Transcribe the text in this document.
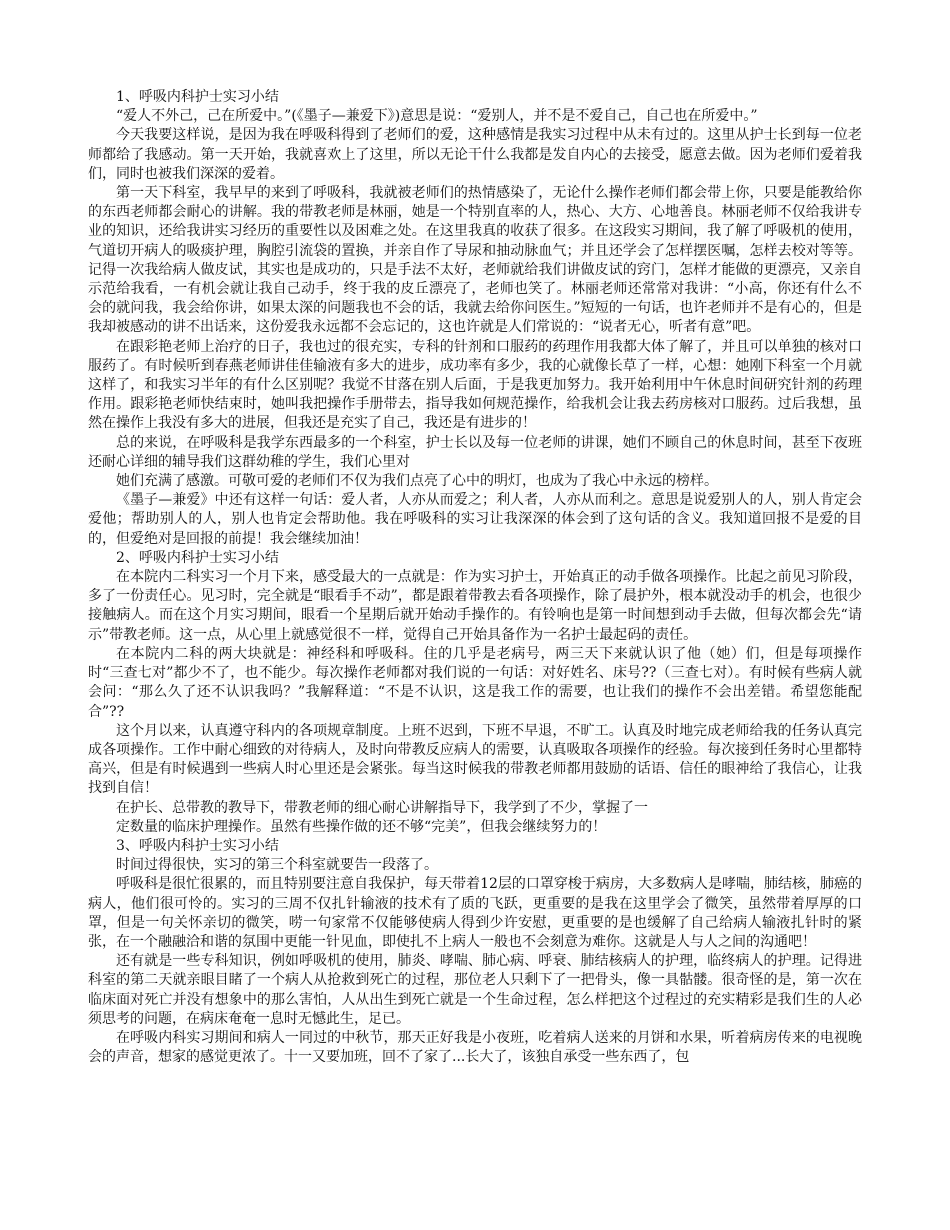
1、呼吸内科护士实习小结

“爱人不外己，己在所爱中。”(《墨子—兼爱下》)意思是说：“爱别人，并不是不爱自己，自己也在所爱中。”

今天我要这样说，是因为我在呼吸科得到了老师们的爱，这种感情是我实习过程中从未有过的。这里从护士长到每一位老师都给了我感动。第一天开始，我就喜欢上了这里，所以无论干什么我都是发自内心的去接受，愿意去做。因为老师们爱着我们，同时也被我们深深的爱着。

第一天下科室，我早早的来到了呼吸科，我就被老师们的热情感染了，无论什么操作老师们都会带上你，只要是能教给你的东西老师都会耐心的讲解。我的带教老师是林丽，她是一个特别直率的人，热心、大方、心地善良。林丽老师不仅给我讲专业的知识，还给我讲实习经历的重要性以及困难之处。在这里我真的收获了很多。在这段实习期间，我了解了呼吸机的使用，气道切开病人的吸痰护理，胸腔引流袋的置换，并亲自作了导尿和抽动脉血气；并且还学会了怎样摆医嘱，怎样去校对等等。记得一次我给病人做皮试，其实也是成功的，只是手法不太好，老师就给我们讲做皮试的窍门，怎样才能做的更漂亮，又亲自示范给我看，一有机会就让我自己动手，终于我的皮丘漂亮了，老师也笑了。林丽老师还常常对我讲：“小高，你还有什么不会的就问我，我会给你讲，如果太深的问题我也不会的话，我就去给你问医生。”短短的一句话，也许老师并不是有心的，但是我却被感动的讲不出话来，这份爱我永远都不会忘记的，这也许就是人们常说的：“说者无心，听者有意”吧。

在跟彩艳老师上治疗的日子，我也过的很充实，专科的针剂和口服药的药理作用我都大体了解了，并且可以单独的核对口服药了。有时候听到春燕老师讲佳佳输液有多大的进步，成功率有多少，我的心就像长草了一样，心想：她刚下科室一个月就这样了，和我实习半年的有什么区别呢？我觉不甘落在别人后面，于是我更加努力。我开始利用中午休息时间研究针剂的药理作用。跟彩艳老师快结束时，她叫我把操作手册带去，指导我如何规范操作，给我机会让我去药房核对口服药。过后我想，虽然在操作上我没有多大的进展，但我还是充实了自己，我还是有进步的！

总的来说，在呼吸科是我学东西最多的一个科室，护士长以及每一位老师的讲课，她们不顾自己的休息时间，甚至下夜班还耐心详细的辅导我们这群幼稚的学生，我们心里对

她们充满了感激。可敬可爱的老师们不仅为我们点亮了心中的明灯，也成为了我心中永远的榜样。

《墨子—兼爱》中还有这样一句话：爱人者，人亦从而爱之；利人者，人亦从而利之。意思是说爱别人的人，别人肯定会爱他；帮助别人的人，别人也肯定会帮助他。我在呼吸科的实习让我深深的体会到了这句话的含义。我知道回报不是爱的目的，但爱绝对是回报的前提！我会继续加油！

2、呼吸内科护士实习小结

在本院内二科实习一个月下来，感受最大的一点就是：作为实习护士，开始真正的动手做各项操作。比起之前见习阶段，多了一份责任心。见习时，完全就是“眼看手不动”，都是跟着带教去看各项操作，除了晨护外，根本就没动手的机会，也很少接触病人。而在这个月实习期间，眼看一个星期后就开始动手操作的。有铃响也是第一时间想到动手去做，但每次都会先“请示”带教老师。这一点，从心里上就感觉很不一样，觉得自己开始具备作为一名护士最起码的责任。

在本院内二科的两大块就是：神经科和呼吸科。住的几乎是老病号，两三天下来就认识了他（她）们，但是每项操作时“三查七对”都少不了，也不能少。每次操作老师都对我们说的一句话：对好姓名、床号??（三查七对）。有时候有些病人就会问：“那么久了还不认识我吗？”我解释道：“不是不认识，这是我工作的需要，也让我们的操作不会出差错。希望您能配合”??

这个月以来，认真遵守科内的各项规章制度。上班不迟到，下班不早退，不旷工。认真及时地完成老师给我的任务认真完成各项操作。工作中耐心细致的对待病人，及时向带教反应病人的需要，认真吸取各项操作的经验。每次接到任务时心里都特高兴，但是有时候遇到一些病人时心里还是会紧张。每当这时候我的带教老师都用鼓励的话语、信任的眼神给了我信心，让我找到自信！

在护长、总带教的教导下，带教老师的细心耐心讲解指导下，我学到了不少，掌握了一

定数量的临床护理操作。虽然有些操作做的还不够“完美”，但我会继续努力的！

3、呼吸内科护士实习小结

时间过得很快，实习的第三个科室就要告一段落了。

呼吸科是很忙很累的，而且特别要注意自我保护，每天带着12层的口罩穿梭于病房，大多数病人是哮喘，肺结核，肺癌的病人，他们很可怜的。实习的三周不仅扎针输液的技术有了质的飞跃，更重要的是我在这里学会了微笑，虽然带着厚厚的口罩，但是一句关怀亲切的微笑，唠一句家常不仅能够使病人得到少许安慰，更重要的是也缓解了自己给病人输液扎针时的紧张，在一个融融洽和谐的氛围中更能一针见血，即使扎不上病人一般也不会刻意为难你。这就是人与人之间的沟通吧！

还有就是一些专科知识，例如呼吸机的使用，肺炎、哮喘、肺心病、呼衰、肺结核病人的护理，临终病人的护理。记得进科室的第二天就亲眼目睹了一个病人从抢救到死亡的过程，那位老人只剩下了一把骨头，像一具骷髅。很奇怪的是，第一次在临床面对死亡并没有想象中的那么害怕，人从出生到死亡就是一个生命过程，怎么样把这个过程过的充实精彩是我们生的人必须思考的问题，在病床奄奄一息时无憾此生，足已。

在呼吸内科实习期间和病人一同过的中秋节，那天正好我是小夜班，吃着病人送来的月饼和水果，听着病房传来的电视晚会的声音，想家的感觉更浓了。十一又要加班，回不了家了...长大了，该独自承受一些东西了，包
